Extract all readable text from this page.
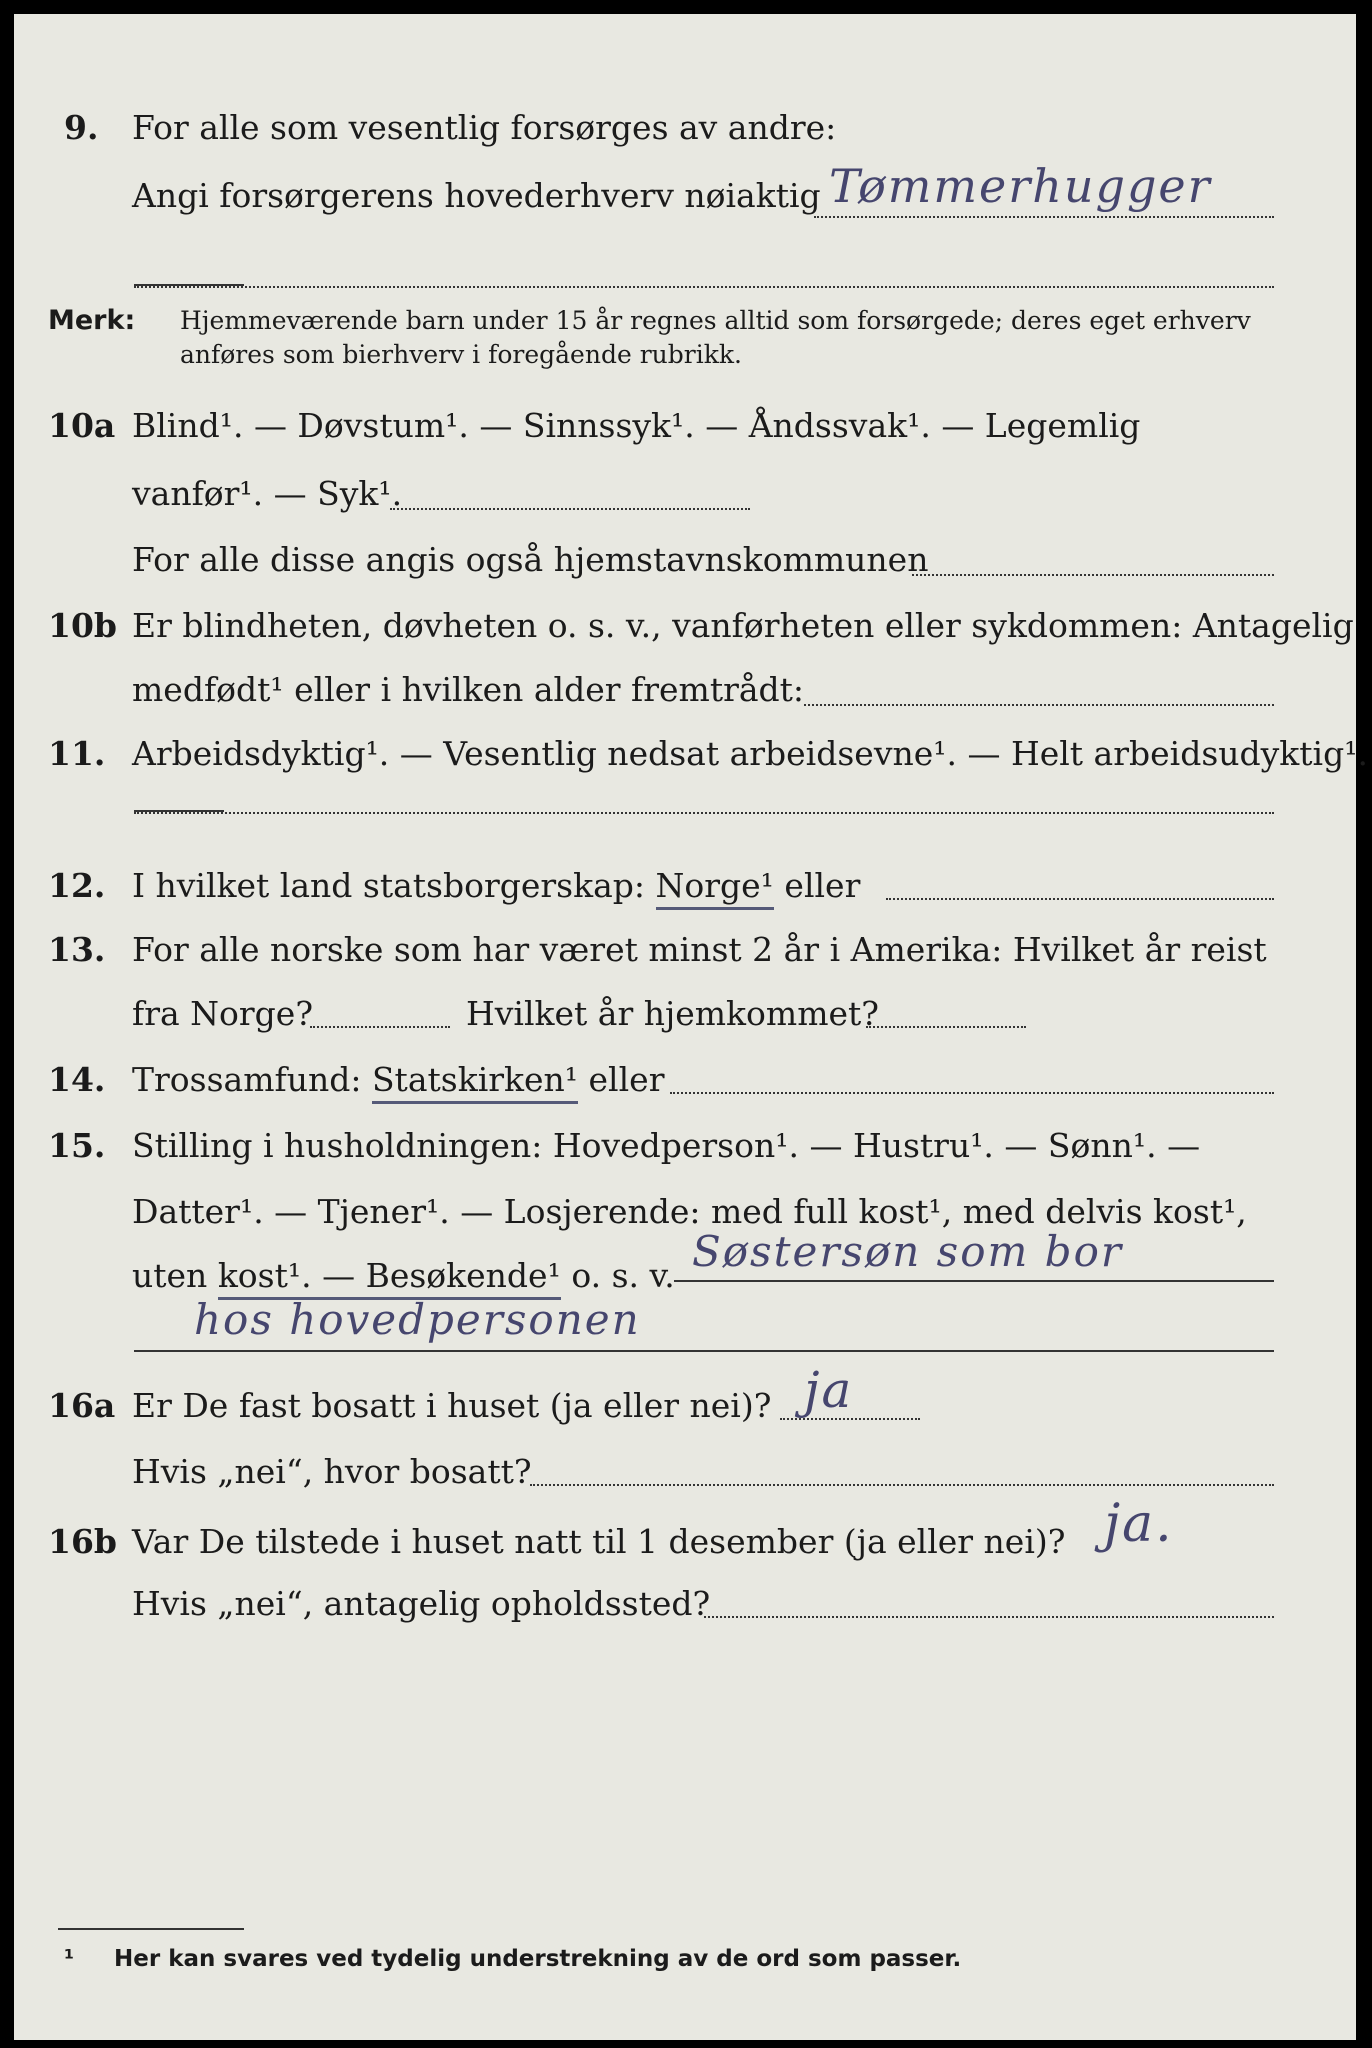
9. For alle som vesentlig forsørges av andre:
Angi forsørgerens hovederhverv nøiaktig Tømmerhugger
Merk: Hjemmeværende barn under 15 år regnes alltid som forsørgede; deres eget erhverv
anføres som bierhverv i foregående rubrikk.
10a Blind¹. — Døvstum¹. — Sinnssyk¹. — Åndssvak¹. — Legemlig
vanfør¹. — Syk¹.
For alle disse angis også hjemstavnskommunen
10b Er blindheten, døvheten o. s. v., vanførheten eller sykdommen: Antagelig
medfødt¹ eller i hvilken alder fremtrådt:
11. Arbeidsdyktig¹. — Vesentlig nedsat arbeidsevne¹. — Helt arbeidsudyktig¹.
12. I hvilket land statsborgerskap: Norge¹ eller
13. For alle norske som har været minst 2 år i Amerika: Hvilket år reist
fra Norge?	Hvilket år hjemkommet?
14. Trossamfund: Statskirken¹ eller
15. Stilling i husholdningen: Hovedperson¹. — Hustru¹. — Sønn¹. —
Datter¹. — Tjener¹. — Losjerende: med full kost¹, med delvis kost¹,
uten kost¹. — Besøkende¹ o. s. v. Søstersøn som bor
hos hovedpersonen
16a Er De fast bosatt i huset (ja eller nei)? ja
Hvis „nei“, hvor bosatt?
16b Var De tilstede i huset natt til 1 desember (ja eller nei)? ja.
Hvis „nei“, antagelig opholdssted?
¹ Her kan svares ved tydelig understrekning av de ord som passer.
